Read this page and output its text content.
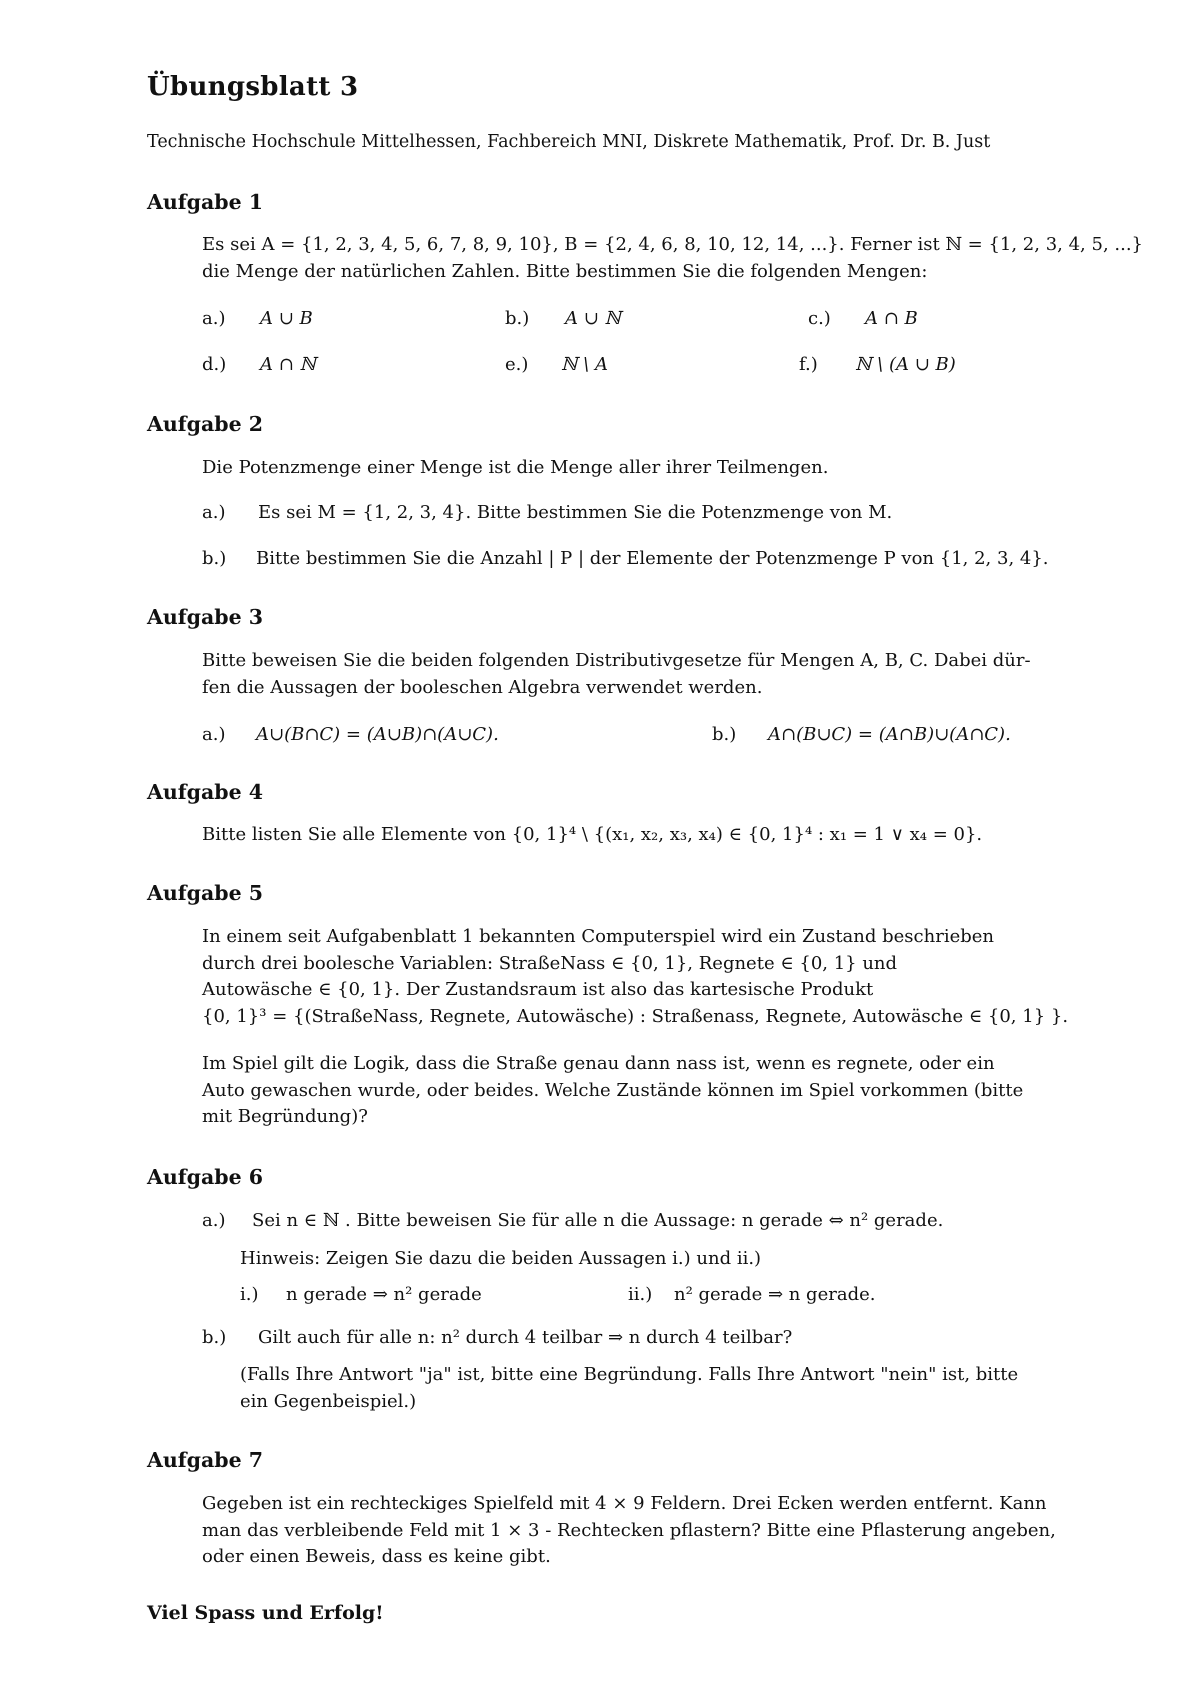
Übungsblatt 3
Technische Hochschule Mittelhessen, Fachbereich MNI, Diskrete Mathematik, Prof. Dr. B. Just
Aufgabe 1
Es sei A = {1, 2, 3, 4, 5, 6, 7, 8, 9, 10}, B = {2, 4, 6, 8, 10, 12, 14, ...}. Ferner ist ℕ = {1, 2, 3, 4, 5, ...}
die Menge der natürlichen Zahlen. Bitte bestimmen Sie die folgenden Mengen:
a.) A ∪ B	b.) A ∪ ℕ	c.) A ∩ B
d.) A ∩ ℕ	e.) ℕ \ A	f.) ℕ \ (A ∪ B)
Aufgabe 2
Die Potenzmenge einer Menge ist die Menge aller ihrer Teilmengen.
a.) Es sei M = {1, 2, 3, 4}. Bitte bestimmen Sie die Potenzmenge von M.
b.) Bitte bestimmen Sie die Anzahl | P | der Elemente der Potenzmenge P von {1, 2, 3, 4}.
Aufgabe 3
Bitte beweisen Sie die beiden folgenden Distributivgesetze für Mengen A, B, C. Dabei dür-
fen die Aussagen der booleschen Algebra verwendet werden.
a.) A∪(B∩C) = (A∪B)∩(A∪C).	b.) A∩(B∪C) = (A∩B)∪(A∩C).
Aufgabe 4
Bitte listen Sie alle Elemente von {0, 1}⁴ \ {(x₁, x₂, x₃, x₄) ∈ {0, 1}⁴ : x₁ = 1 ∨ x₄ = 0}.
Aufgabe 5
In einem seit Aufgabenblatt 1 bekannten Computerspiel wird ein Zustand beschrieben
durch drei boolesche Variablen: StraßeNass ∈ {0, 1}, Regnete ∈ {0, 1} und
Autowäsche ∈ {0, 1}. Der Zustandsraum ist also das kartesische Produkt
{0, 1}³ = {(StraßeNass, Regnete, Autowäsche) : Straßenass, Regnete, Autowäsche ∈ {0, 1} }.
Im Spiel gilt die Logik, dass die Straße genau dann nass ist, wenn es regnete, oder ein
Auto gewaschen wurde, oder beides. Welche Zustände können im Spiel vorkommen (bitte
mit Begründung)?
Aufgabe 6
a.) Sei n ∈ ℕ . Bitte beweisen Sie für alle n die Aussage: n gerade ⇔ n² gerade.
Hinweis: Zeigen Sie dazu die beiden Aussagen i.) und ii.)
i.) n gerade ⇒ n² gerade	ii.) n² gerade ⇒ n gerade.
b.) Gilt auch für alle n: n² durch 4 teilbar ⇒ n durch 4 teilbar?
(Falls Ihre Antwort "ja" ist, bitte eine Begründung. Falls Ihre Antwort "nein" ist, bitte
ein Gegenbeispiel.)
Aufgabe 7
Gegeben ist ein rechteckiges Spielfeld mit 4 × 9 Feldern. Drei Ecken werden entfernt. Kann
man das verbleibende Feld mit 1 × 3 - Rechtecken pflastern? Bitte eine Pflasterung angeben,
oder einen Beweis, dass es keine gibt.
Viel Spass und Erfolg!
